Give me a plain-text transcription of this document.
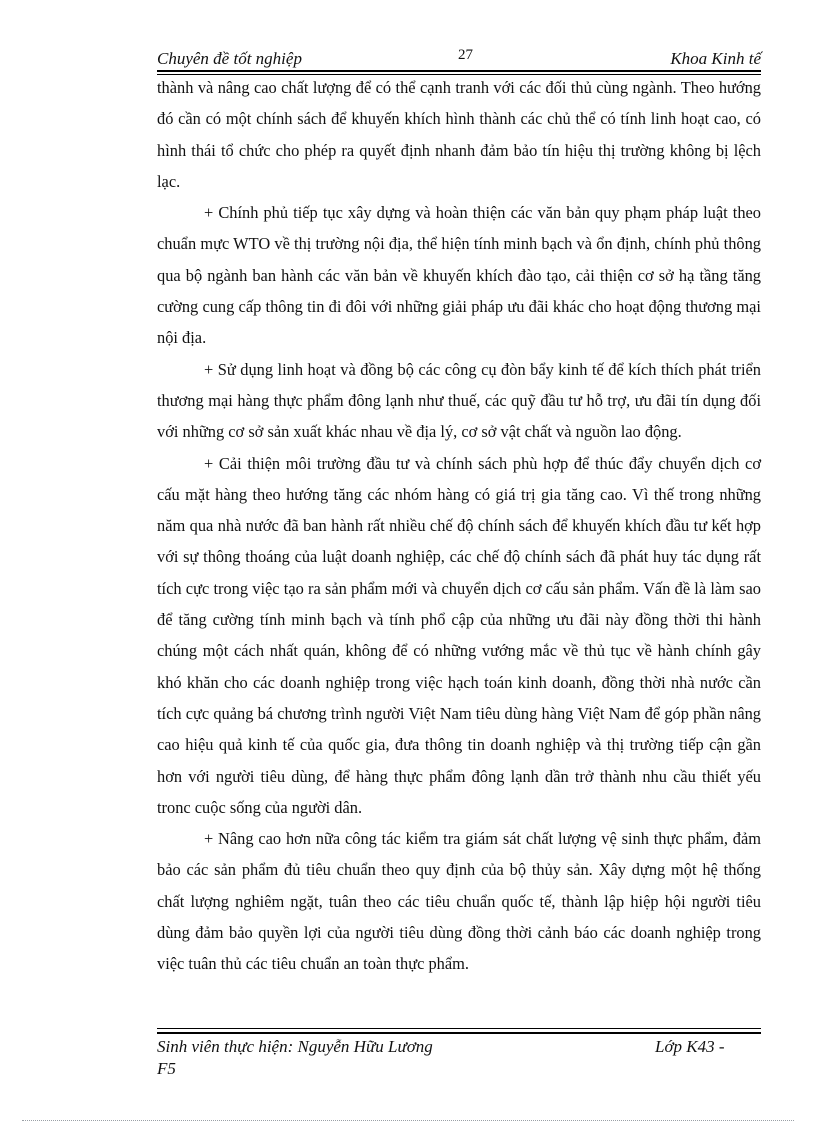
Chuyên đề tốt nghiệp	27	Khoa Kinh tế

thành và nâng cao chất lượng để có thể cạnh tranh với các đối thủ cùng ngành. Theo hướng đó cần có một chính sách để khuyến khích hình thành các chủ thể có tính linh hoạt cao, có hình thái tổ chức cho phép ra quyết định nhanh đảm bảo tín hiệu thị trường không bị lệch lạc.

+ Chính phủ tiếp tục xây dựng và hoàn thiện các văn bản quy phạm pháp luật theo chuẩn mực WTO về thị trường nội địa, thể hiện tính minh bạch và ổn định, chính phủ thông qua bộ ngành ban hành các văn bản về khuyến khích đào tạo, cải thiện cơ sở hạ tầng tăng cường cung cấp thông tin đi đôi với những giải pháp ưu đãi khác cho hoạt động thương mại nội địa.

+ Sử dụng linh hoạt và đồng bộ các công cụ đòn bẩy kinh tế để kích thích phát triển thương mại hàng thực phẩm đông lạnh như thuế, các quỹ đầu tư hỗ trợ, ưu đãi tín dụng đối với những cơ sở sản xuất khác nhau về địa lý, cơ sở vật chất và nguồn lao động.

+ Cải thiện môi trường đầu tư và chính sách phù hợp để thúc đẩy chuyển dịch cơ cấu mặt hàng theo hướng tăng các nhóm hàng có giá trị gia tăng cao. Vì thế trong những năm qua nhà nước đã ban hành rất nhiều chế độ chính sách để khuyến khích đầu tư kết hợp với sự thông thoáng của luật doanh nghiệp, các chế độ chính sách đã phát huy tác dụng rất tích cực trong việc tạo ra sản phẩm mới và chuyển dịch cơ cấu sản phẩm. Vấn đề là làm sao để tăng cường tính minh bạch và tính phổ cập của những ưu đãi này đồng thời thi hành chúng một cách nhất quán, không để có những vướng mắc về thủ tục về hành chính gây khó khăn cho các doanh nghiệp trong việc hạch toán kinh doanh, đồng thời nhà nước cần tích cực quảng bá chương trình người Việt Nam tiêu dùng hàng Việt Nam để góp phần nâng cao hiệu quả kinh tế của quốc gia, đưa thông tin doanh nghiệp và thị trường tiếp cận gần hơn với người tiêu dùng, để hàng thực phẩm đông lạnh dần trở thành nhu cầu thiết yếu tronc cuộc sống của người dân.

+ Nâng cao hơn nữa công tác kiểm tra giám sát chất lượng vệ sinh thực phẩm, đảm bảo các sản phẩm đủ tiêu chuẩn theo quy định của bộ thủy sản. Xây dựng một hệ thống chất lượng nghiêm ngặt, tuân theo các tiêu chuẩn quốc tế, thành lập hiệp hội người tiêu dùng đảm bảo quyền lợi của người tiêu dùng đồng thời cảnh báo các doanh nghiệp trong việc tuân thủ các tiêu chuẩn an toàn thực phẩm.

Sinh viên thực hiện: Nguyễn Hữu Lương	Lớp K43 -
F5
